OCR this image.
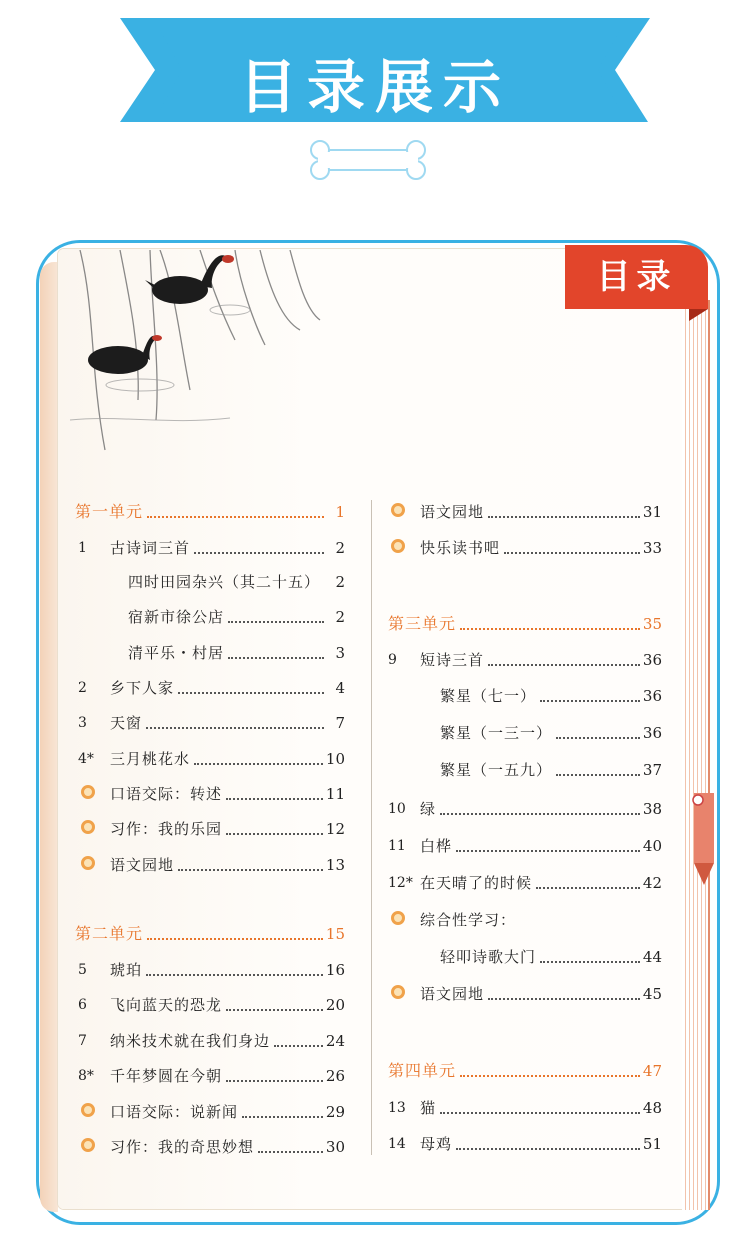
目录展示
目录
第一单元	1
1	古诗词三首	2
四时田园杂兴（其二十五）	2
宿新市徐公店	2
清平乐・村居	3
2	乡下人家	4
3	天窗	7
4*	三月桃花水	10
口语交际：转述	11
习作：我的乐园	12
语文园地	13
第二单元	15
5	琥珀	16
6	飞向蓝天的恐龙	20
7	纳米技术就在我们身边	24
8*	千年梦圆在今朝	26
口语交际：说新闻	29
习作：我的奇思妙想	30
语文园地	31
快乐读书吧	33
第三单元	35
9	短诗三首	36
繁星（七一）	36
繁星（一三一）	36
繁星（一五九）	37
10 绿	38
11 白桦	40
12* 在天晴了的时候	42
综合性学习：
轻叩诗歌大门	44
语文园地	45
第四单元	47
13 猫	48
14 母鸡	51
